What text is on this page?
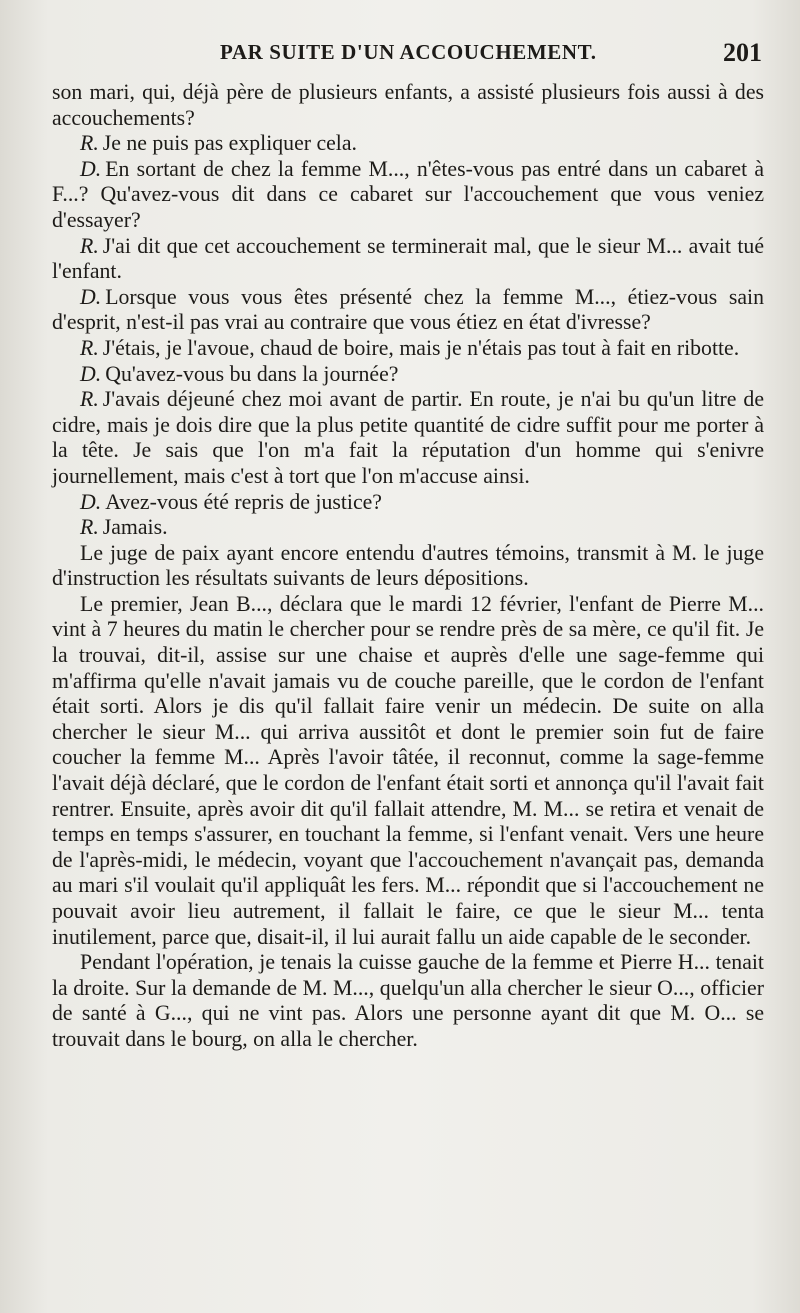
PAR SUITE D'UN ACCOUCHEMENT.	201

son mari, qui, déjà père de plusieurs enfants, a assisté plusieurs fois aussi à des accouchements?

R. Je ne puis pas expliquer cela.

D. En sortant de chez la femme M..., n'êtes-vous pas entré dans un cabaret à F...? Qu'avez-vous dit dans ce cabaret sur l'accouchement que vous veniez d'essayer?

R. J'ai dit que cet accouchement se terminerait mal, que le sieur M... avait tué l'enfant.

D. Lorsque vous vous êtes présenté chez la femme M..., étiez-vous sain d'esprit, n'est-il pas vrai au contraire que vous étiez en état d'ivresse?

R. J'étais, je l'avoue, chaud de boire, mais je n'étais pas tout à fait en ribotte.

D. Qu'avez-vous bu dans la journée?

R. J'avais déjeuné chez moi avant de partir. En route, je n'ai bu qu'un litre de cidre, mais je dois dire que la plus petite quantité de cidre suffit pour me porter à la tête. Je sais que l'on m'a fait la réputation d'un homme qui s'enivre journellement, mais c'est à tort que l'on m'accuse ainsi.

D. Avez-vous été repris de justice?

R. Jamais.

Le juge de paix ayant encore entendu d'autres témoins, transmit à M. le juge d'instruction les résultats suivants de leurs dépositions.

Le premier, Jean B..., déclara que le mardi 12 février, l'enfant de Pierre M... vint à 7 heures du matin le chercher pour se rendre près de sa mère, ce qu'il fit. Je la trouvai, dit-il, assise sur une chaise et auprès d'elle une sage-femme qui m'affirma qu'elle n'avait jamais vu de couche pareille, que le cordon de l'enfant était sorti. Alors je dis qu'il fallait faire venir un médecin. De suite on alla chercher le sieur M... qui arriva aussitôt et dont le premier soin fut de faire coucher la femme M... Après l'avoir tâtée, il reconnut, comme la sage-femme l'avait déjà déclaré, que le cordon de l'enfant était sorti et annonça qu'il l'avait fait rentrer. Ensuite, après avoir dit qu'il fallait attendre, M. M... se retira et venait de temps en temps s'assurer, en touchant la femme, si l'enfant venait. Vers une heure de l'après-midi, le médecin, voyant que l'accouchement n'avançait pas, demanda au mari s'il voulait qu'il appliquât les fers. M... répondit que si l'accouchement ne pouvait avoir lieu autrement, il fallait le faire, ce que le sieur M... tenta inutilement, parce que, disait-il, il lui aurait fallu un aide capable de le seconder.

Pendant l'opération, je tenais la cuisse gauche de la femme et Pierre H... tenait la droite. Sur la demande de M. M..., quelqu'un alla chercher le sieur O..., officier de santé à G..., qui ne vint pas. Alors une personne ayant dit que M. O... se trouvait dans le bourg, on alla le chercher.
